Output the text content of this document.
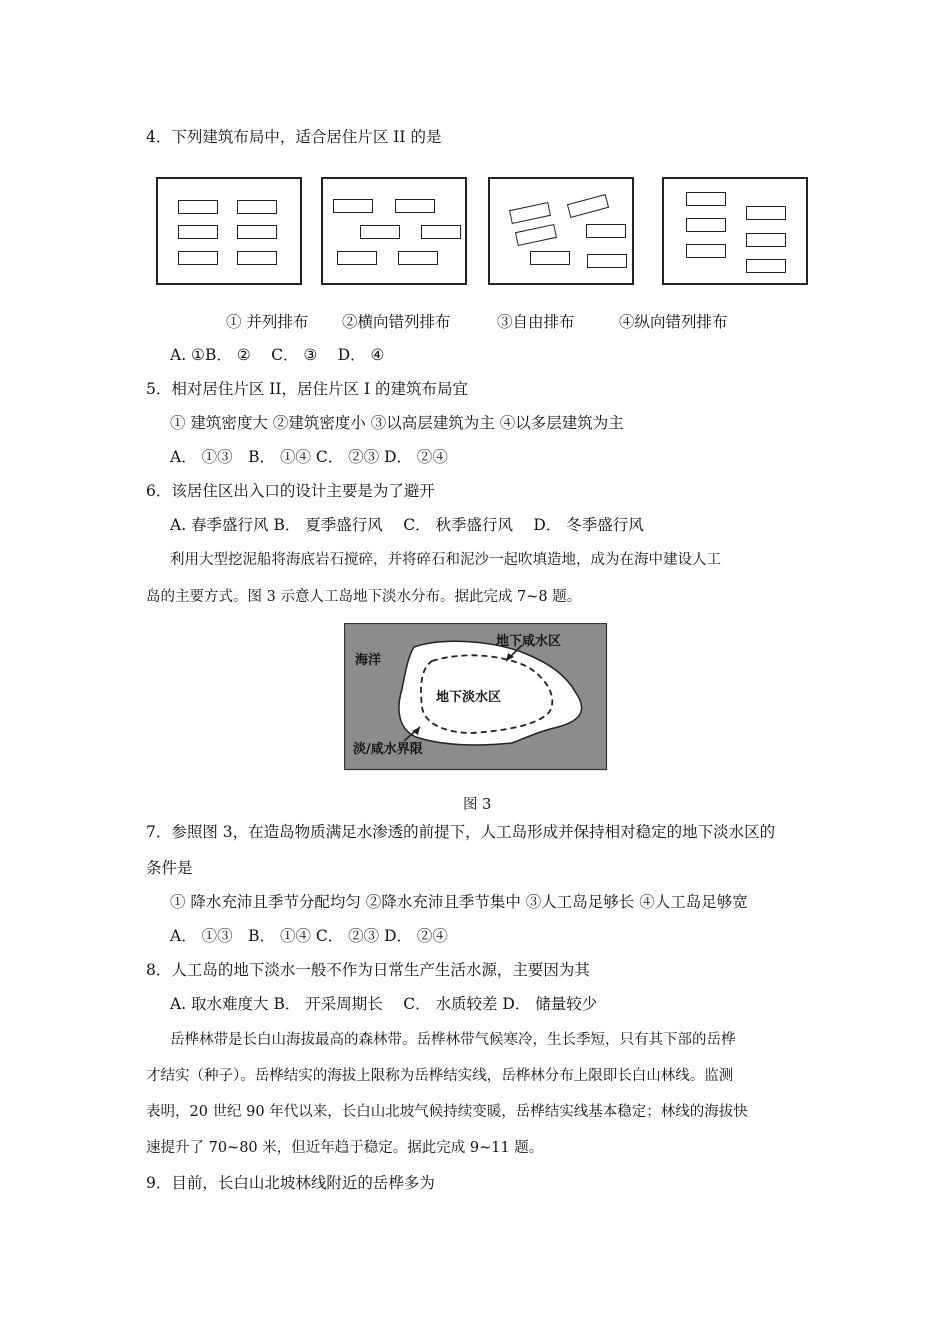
4．下列建筑布局中，适合居住片区 II 的是
① 并列排布 ②横向错列排布	③自由排布	④纵向错列排布
A. ①B． ②　 C． ③　 D． ④
5．相对居住片区 II，居住片区 I 的建筑布局宜
① 建筑密度大 ②建筑密度小 ③以高层建筑为主 ④以多层建筑为主
A． ①③　B． ①④ C． ②③ D． ②④
6．该居住区出入口的设计主要是为了避开
A. 春季盛行风 B． 夏季盛行风　 C． 秋季盛行风　 D． 冬季盛行风
利用大型挖泥船将海底岩石搅碎，并将碎石和泥沙一起吹填造地，成为在海中建设人工
岛的主要方式。图 3 示意人工岛地下淡水分布。据此完成 7~8 题。
海洋
地下咸水区
地下淡水区
淡/咸水界限
图 3
7．参照图 3，在造岛物质满足水渗透的前提下，人工岛形成并保持相对稳定的地下淡水区的
条件是
① 降水充沛且季节分配均匀 ②降水充沛且季节集中 ③人工岛足够长 ④人工岛足够宽
A． ①③　B． ①④ C． ②③ D． ②④
8．人工岛的地下淡水一般不作为日常生产生活水源，主要因为其
A. 取水难度大 B． 开采周期长　 C． 水质较差 D． 储量较少
岳桦林带是长白山海拔最高的森林带。岳桦林带气候寒冷，生长季短，只有其下部的岳桦
才结实（种子）。岳桦结实的海拔上限称为岳桦结实线，岳桦林分布上限即长白山林线。监测
表明，20 世纪 90 年代以来，长白山北坡气候持续变暖，岳桦结实线基本稳定；林线的海拔快
速提升了 70~80 米，但近年趋于稳定。据此完成 9~11 题。
9．目前，长白山北坡林线附近的岳桦多为
